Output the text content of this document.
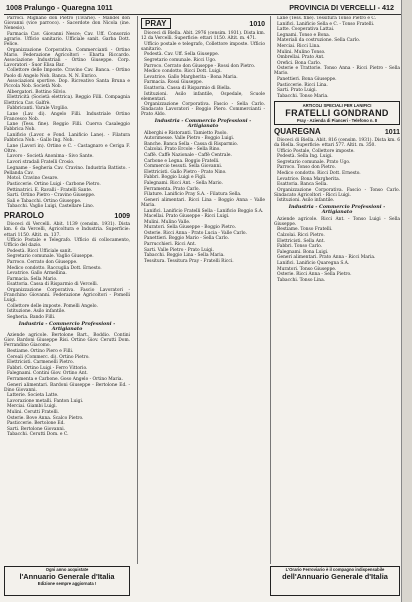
1008 Pralungo - Quaregna 1011	PROVINCIA DI VERCELLI - 412
Parroci. Mignano don Pietro (Tivarie). - Mandel don Giovanni (vice parroco). - Sacerdote don Nicola (ine. Nenesio).
Farmacia Cav. Giovanni Nesce; Cav. Uff. Consorzio agrario. Ufficio sanitario. Ufficiale sanit. Garba Dott. Felice.
Organizzazione Corporativa. Commercianti - Ortino Mario. Federazione Agricoltori - Ebarta Riccardo. Associazione Industriali - Ortino Giuseppe. Corp. Lavoratori - Suor Elisa Bar.
Collettore delle Imposte. Cravino Cav. Banca. - Ortino Paolo di Angelo Nob. Banca. N. N. Enrico.
Associazioni sportive. Dop. Ricreativo Santa Bruna e Piccola Nob. Società Nob.
Albergatori. Bottino Silvio.
Elettricità (Società elettrica). Reggio Filli. Compagnia Elettrica Cav. Galfrè.
Fabbricanti. Varale Virgilio.
Lane (Lav. di). Angelo Filli. Industriale Ortino Francesco Nob.
Lane (Tess. fine). Reggio Filli. Cuerva Casaleggio Fabbrica Nob.
Lanificio (Lavor. e Fond. Lanificio Lane). - Filatura Fabbrica Nob. - Gallo Ing. Nob.
Lane (Lavori in). Ortino e C. - Castagnaro e Ceriga F. Oltre.
Lavoro - Società Anonima - Sivo Sante.
Lavori stradali Fratelli Crosio.
Legname - Segheria Cav. Cravino. Industria Battisto. - Pellanda Cav.
Motol. Cravino Cesare.
Pasticcerie. Ortino Luigi - Carbone Pietro.
Pettinatrici. E. Ravalli - Fratelli Sante.
Sarti. Ortino Pietro - Cravino Giuseppe.
Sali e Tabacchi. Ortino Giuseppe.
Tabacchi. Vaglio Luigi, Castellare Lino.
PRAROLO	1009
Dioceci di Vercelli. Abit. 1139 (censim. 1931). Dista km. 6 da Vercelli, Agricoltura e Industria. Superficie: ettari 1150. Altit. m. 137.
Ufficio Postale e Telegrafo. Ufficio di collocamento, Ufficio del dazio.
Podestà. Ricci Ufficiale sanit.
Segretario comunale. Vaglio Giuseppe.
Parroco. Cerrato don Giuseppe.
Medico condotto. Raccuglia Dott. Ernesto.
Levatrice. Gallo Armellina.
Farmacia. Sella Mario.
Esattoria. Cassa di Risparmio di Vercelli.
Organizzazione Corporativa. Fascio Lavoratori - Franchino Giovanni. Federazione Agricoltori - Pomelli Luigi.
Collettore delle imposte. Pomelli Angelo.
Istituzione. Asilo infantile.
Segheria. Bando Filli.
Industria - Commercio Professioni - Artigianato
Aziende agricole. Bertolone Bart., Boddio. Contini Giov. Bardoni Giuseppe Risi. Ortino Giov. Cerutti Dom. Ferrandino Giacomo.
Bestiame. Ortino Piero e Filli.
Cereali (Commerc. di). Ortino Pietro.
Elettricisti. Carmenelli Pietro.
Fabbri. Ortino Luigi - Ferro Vittorio.
Falegnami. Contini Giov. Ortino Ant.
Ferramenta e Carbone. Goso Angelo - Ortino Maria.
Generi alimentari. Bardoni Giuseppe - Bertolone Ed. - Dino Giovanni.
Latterie. Societa Latte.
Lavorazione metalli. Fanton Luigi.
Merciai. Giambi Luigi.
Mulini. Cerutti Fratelli.
Osterie. Bove Anna. Scalco Pietro.
Pasticcerie. Bertolone Ed.
Sarti. Bertolone Giovanni.
Tabacchi. Cerutti Dom. e C.
PRAY	1010
Dioceci di Biella. Abit. 2976 (censim. 1931). Dista km. 12 da Vercelli. Superficie: ettari 1150. Altit. m. 471.
Ufficio postale e telegrafo, Collettore imposte. Ufficio sanitario.
Podestà. Cav. Uff. Sella Giuseppe.
Segretario comunale. Ricci Ugo.
Parroco. Cerrato don Giuseppe - Rossi don Pietro.
Medico condotto. Ricci Dott. Luigi.
Levatrice. Gallo Margherita - Bona Maria.
Farmacia. Rossi Giuseppe.
Esattoria. Cassa di Risparmio di Biella.
Istituzioni. Asilo infantile, Ospedale, Scuole elementari.
Organizzazione Corporativa. Fascio - Sella Carlo. Sindacato Lavoratori - Boggio Piero. Commercianti - Prato Aldo.
Industria - Commercio Professioni - Artigianato
Alberghi e Ristoranti. Tamietto Paolo.
Autorimesse. Valle Pietro - Boggio Luigi.
Banche. Banca Sella - Cassa di Risparmio.
Calzolai. Prato Ercole - Sella Rino.
Caffè. Caffè Nazionale - Caffè Centrale.
Carbone e Legna. Boggio Fratelli.
Commercio tessuti. Sella Giovanni.
Elettricisti. Gallo Pietro - Prato Nino.
Fabbri. Boggio Luigi e Figli.
Falegnami. Ricci Ant. - Sella Mario.
Ferramenta. Prato Carlo.
Filature. Lanificio Pray S.A. - Filatura Sella.
Generi alimentari. Ricci Lina - Boggio Anna - Valle Maria.
Lanifici. Lanificio Fratelli Sella - Lanificio Boggio S.A.
Macellai. Prato Giuseppe - Ricci Luigi.
Mulini. Mulino Valle.
Muratori. Sella Giuseppe - Boggio Pietro.
Osterie. Ricci Anna - Prato Lucia - Valle Carlo.
Panettieri. Boggio Mario - Sella Carlo.
Parrucchieri. Ricci Ant.
Sarti. Valle Pietro - Prato Luigi.
Tabacchi. Boggio Lina - Sella Maria.
Tessitura. Tessitura Pray - Fratelli Ricci.
Lane (Tess. fine). Tessitura Tonso Pietro e C.
Lanifici. Lanificio Sella e C. - Tonso Fratelli.
Latte. Cooperativa Lattai.
Legnami. Tonso e Bona.
Materiali da costruzione. Sella Carlo.
Merciai. Ricci Lina.
Mulini. Mulino Tonso.
Ombrellai. Prato Ant.
Orefici. Bona Carlo.
Osterie e Trattorie. Tonso Anna - Ricci Pietro - Sella Mario.
Panettieri. Bona Giuseppe.
Pasticcerie. Ricci Lina.
Sarti. Prato Luigi.
Tabacchi. Tonso Maria.
ARTICOLI SPECIALI PER LANIFICI
FRATELLI GONDRAND
Pray - Azienda di Pianceri - Telefono n. 8
QUAREGNA	1011
Dioceci di Biella. Abit. 816 (censim. 1931). Dista km. 6 da Biella. Superficie: ettari 577. Altit. m. 350.
Ufficio Postale, Collettore imposte.
Podestà. Sella Ing. Luigi.
Segretario comunale. Prato Ugo.
Parroco. Tonso don Pietro.
Medico condotto. Ricci Dott. Ernesto.
Levatrice. Bona Margherita.
Esattoria. Banca Sella.
Organizzazione Corporativa. Fascio - Tonso Carlo. Sindacato Agricoltori - Ricci Luigi.
Istituzioni. Asilo infantile.
Industria - Commercio Professioni - Artigianato
Aziende agricole. Ricci Ant. - Tonso Luigi - Sella Giuseppe.
Bestiame. Tonso Fratelli.
Calzolai. Ricci Pietro.
Elettricisti. Sella Ant.
Fabbri. Tonso Carlo.
Falegnami. Bona Luigi.
Generi alimentari. Prato Anna - Ricci Maria.
Lanifici. Lanificio Quaregna S.A.
Muratori. Tonso Giuseppe.
Osterie. Ricci Anna - Sella Pietro.
Tabacchi. Tonso Lina.
Ogni anno acquistate
l'Annuario Generale d'Italia
Edizione sempre aggiornata !
L'Orario Ferroviario è il compagno indispensabile
dell'Annuario Generale d'Italia
